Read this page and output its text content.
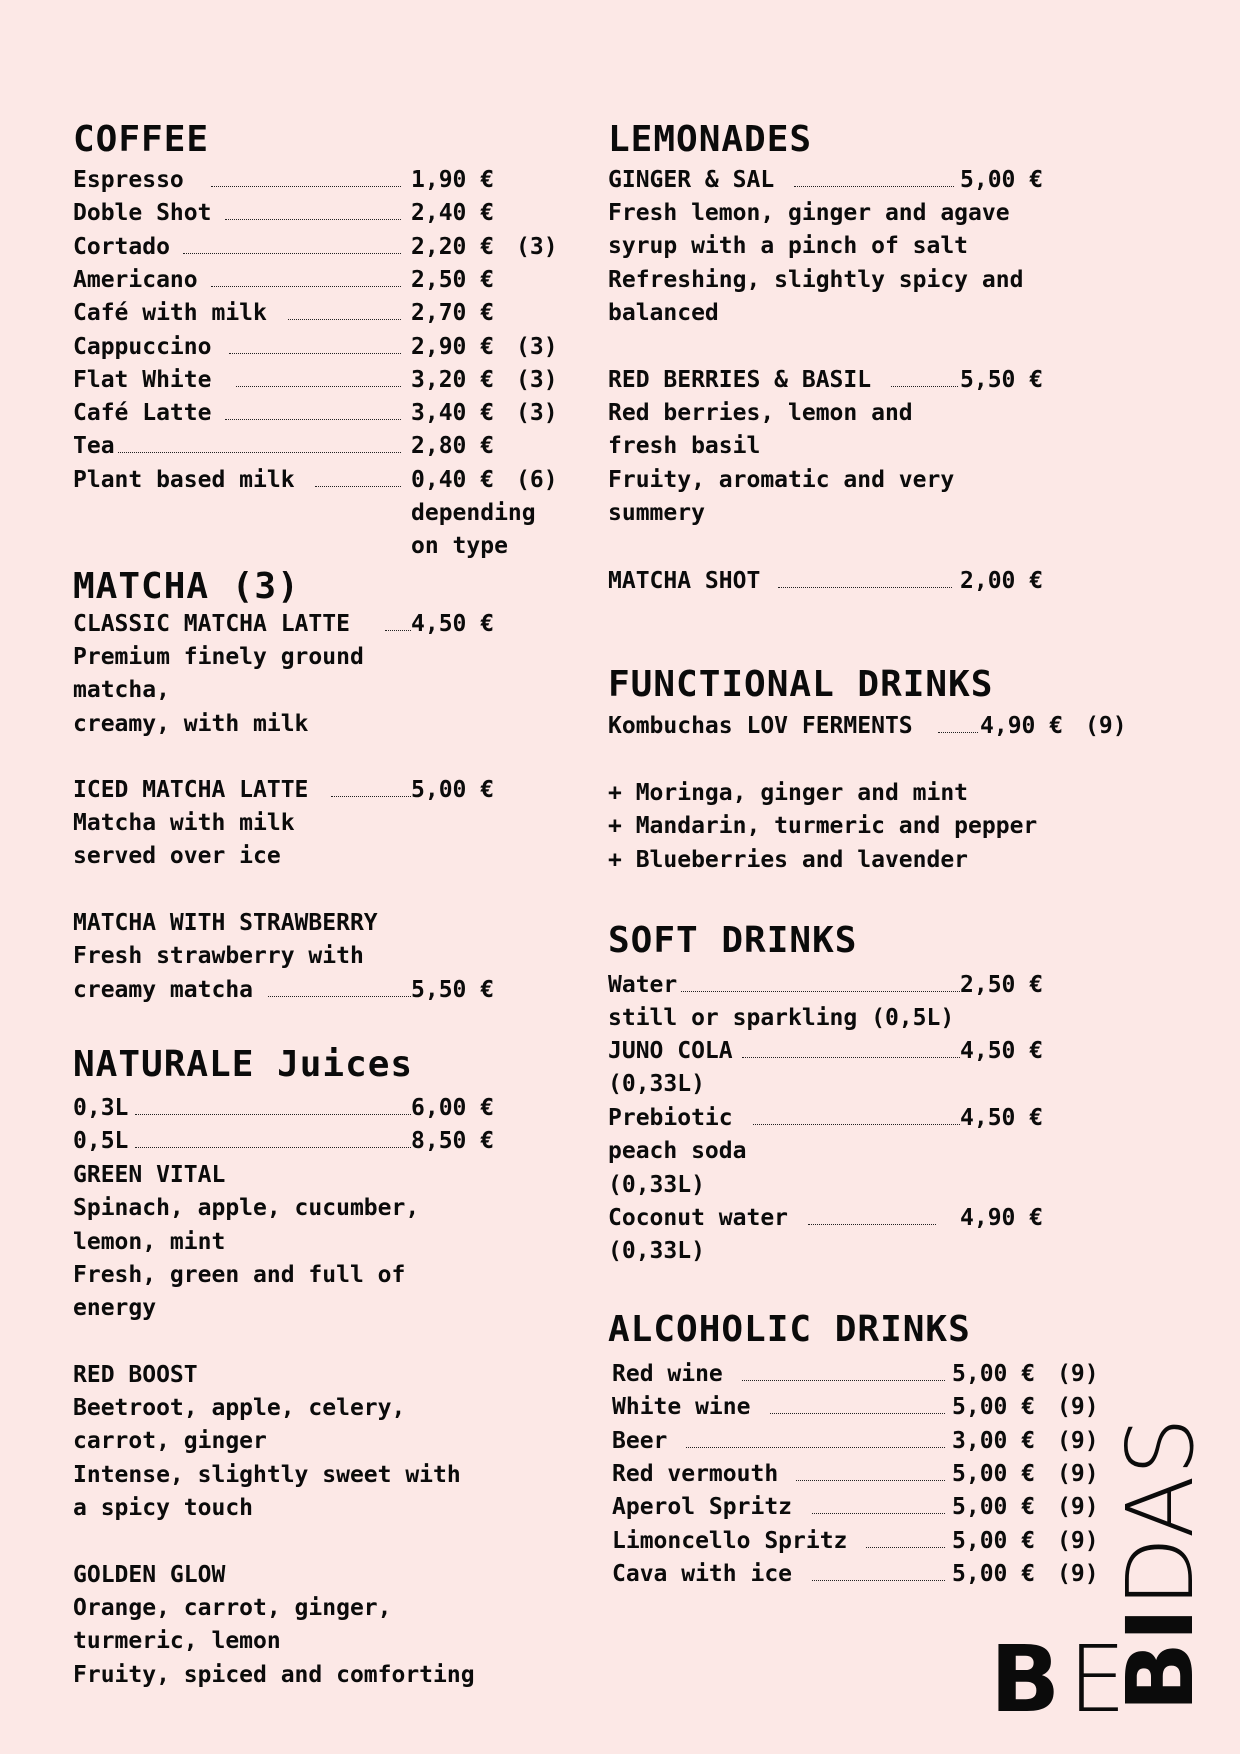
COFFEE
Espresso	1,90 €
Doble Shot	2,40 €
Cortado	2,20 € (3)
Americano	2,50 €
Café with milk	2,70 €
Cappuccino	2,90 € (3)
Flat White	3,20 € (3)
Café Latte	3,40 € (3)
Tea	2,80 €
Plant based milk	0,40 € (6)
depending
on type
MATCHA (3)
CLASSIC MATCHA LATTE	4,50 €
Premium finely ground
matcha,
creamy, with milk
ICED MATCHA LATTE	5,00 €
Matcha with milk
served over ice
MATCHA WITH STRAWBERRY
Fresh strawberry with
creamy matcha	5,50 €
NATURALE Juices
0,3L	6,00 €
0,5L	8,50 €
GREEN VITAL
Spinach, apple, cucumber,
lemon, mint
Fresh, green and full of
energy
RED BOOST
Beetroot, apple, celery,
carrot, ginger
Intense, slightly sweet with
a spicy touch
GOLDEN GLOW
Orange, carrot, ginger,
turmeric, lemon
Fruity, spiced and comforting
LEMONADES
GINGER & SAL	5,00 €
Fresh lemon, ginger and agave
syrup with a pinch of salt
Refreshing, slightly spicy and
balanced
RED BERRIES & BASIL	5,50 €
Red berries, lemon and
fresh basil
Fruity, aromatic and very
summery
MATCHA SHOT	2,00 €
FUNCTIONAL DRINKS
Kombuchas LOV FERMENTS	4,90 € (9)
+ Moringa, ginger and mint
+ Mandarin, turmeric and pepper
+ Blueberries and lavender
SOFT DRINKS
Water	2,50 €
still or sparkling (0,5L)
JUNO COLA	4,50 €
(0,33L)
Prebiotic	4,50 €
peach soda
(0,33L)
Coconut water	4,90 €
(0,33L)
ALCOHOLIC DRINKS
Red wine	5,00 € (9)
White wine	5,00 € (9)
Beer	3,00 € (9)
Red vermouth	5,00 € (9)
Aperol Spritz	5,00 € (9)
Limoncello Spritz	5,00 € (9)
Cava with ice	5,00 € (9)
B E
BIDAS
